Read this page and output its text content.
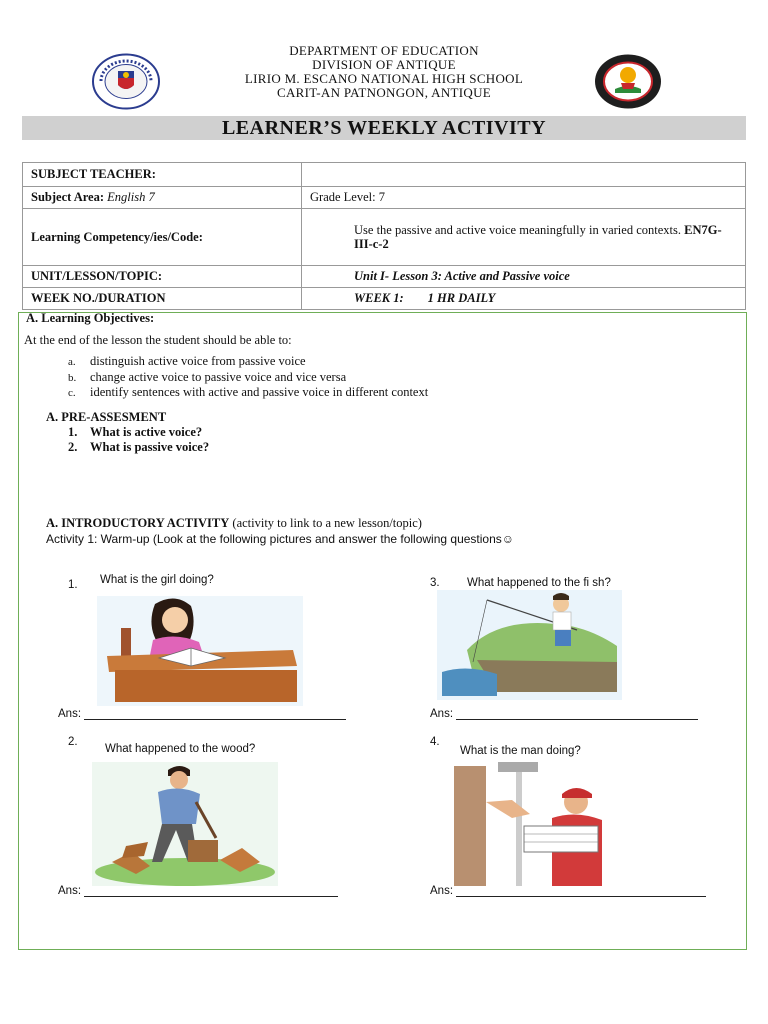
DEPARTMENT OF EDUCATION
DIVISION OF ANTIQUE
LIRIO M. ESCANO NATIONAL HIGH SCHOOL
CARIT-AN PATNONGON, ANTIQUE
LEARNER’S WEEKLY ACTIVITY
SUBJECT TEACHER:	
Subject Area: English 7	Grade Level: 7
Learning Competency/ies/Code:	Use the passive and active voice meaningfully in varied contexts. EN7G-III-c-2
UNIT/LESSON/TOPIC:	Unit I- Lesson 3: Active and Passive voice
WEEK NO./DURATION	WEEK 1: 1 HR DAILY
A. Learning Objectives:
At the end of the lesson the student should be able to:
a. distinguish active voice from passive voice
b. change active voice to passive voice and vice versa
c. identify sentences with active and passive voice in different context
A. PRE-ASSESMENT
1. What is active voice?
2. What is passive voice?
A. INTRODUCTORY ACTIVITY (activity to link to a new lesson/topic)
Activity 1: Warm-up (Look at the following pictures and answer the following questions☺
1. What is the girl doing?
Ans:
3. What happened to the fi sh?
Ans:
2.
What happened to the wood?
Ans:
4.
What is the man doing?
Ans:
